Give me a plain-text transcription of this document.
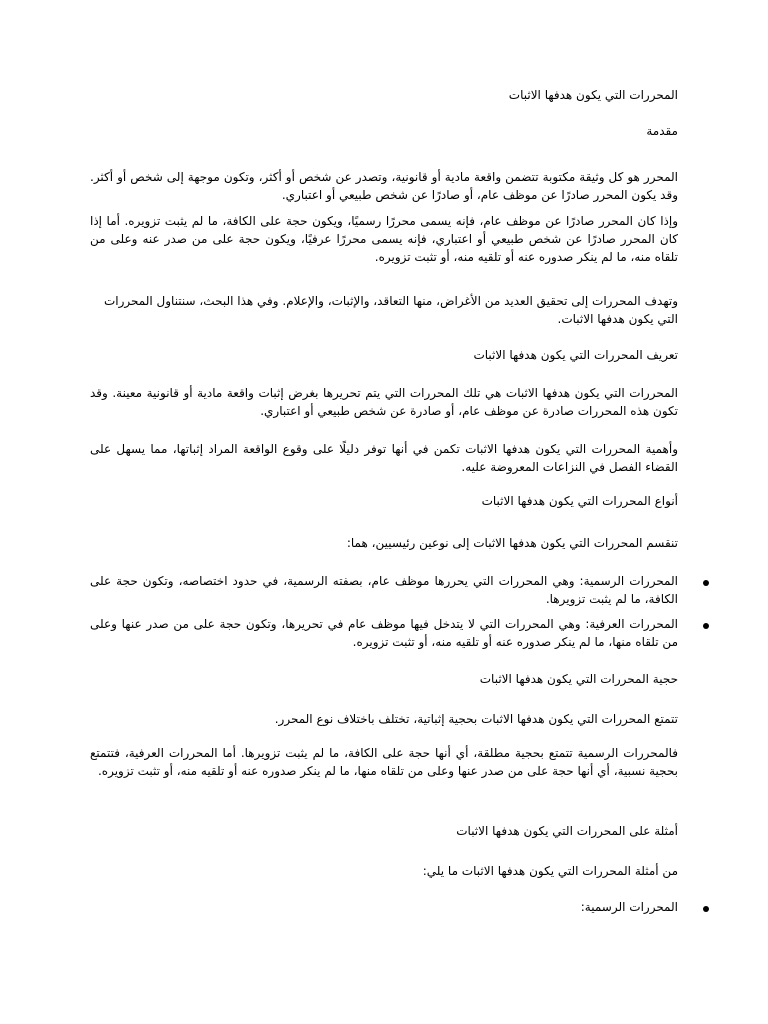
المحررات التي يكون هدفها الاثبات

مقدمة

المحرر هو كل وثيقة مكتوبة تتضمن واقعة مادية أو قانونية، وتصدر عن شخص أو أكثر، وتكون موجهة إلى شخص أو أكثر. وقد يكون المحرر صادرًا عن موظف عام، أو صادرًا عن شخص طبيعي أو اعتباري.

وإذا كان المحرر صادرًا عن موظف عام، فإنه يسمى محررًا رسميًا، ويكون حجة على الكافة، ما لم يثبت تزويره. أما إذا كان المحرر صادرًا عن شخص طبيعي أو اعتباري، فإنه يسمى محررًا عرفيًا، ويكون حجة على من صدر عنه وعلى من تلقاه منه، ما لم ينكر صدوره عنه أو تلقيه منه، أو تثبت تزويره.

وتهدف المحررات إلى تحقيق العديد من الأغراض، منها التعاقد، والإثبات، والإعلام. وفي هذا البحث، سنتناول المحررات التي يكون هدفها الاثبات.

تعريف المحررات التي يكون هدفها الاثبات

المحررات التي يكون هدفها الاثبات هي تلك المحررات التي يتم تحريرها بغرض إثبات واقعة مادية أو قانونية معينة. وقد تكون هذه المحررات صادرة عن موظف عام، أو صادرة عن شخص طبيعي أو اعتباري.

وأهمية المحررات التي يكون هدفها الاثبات تكمن في أنها توفر دليلًا على وقوع الواقعة المراد إثباتها، مما يسهل على القضاء الفصل في النزاعات المعروضة عليه.

أنواع المحررات التي يكون هدفها الاثبات

تنقسم المحررات التي يكون هدفها الاثبات إلى نوعين رئيسيين، هما:

المحررات الرسمية: وهي المحررات التي يحررها موظف عام، بصفته الرسمية، في حدود اختصاصه، وتكون حجة على الكافة، ما لم يثبت تزويرها.

المحررات العرفية: وهي المحررات التي لا يتدخل فيها موظف عام في تحريرها، وتكون حجة على من صدر عنها وعلى من تلقاه منها، ما لم ينكر صدوره عنه أو تلقيه منه، أو تثبت تزويره.

حجية المحررات التي يكون هدفها الاثبات

تتمتع المحررات التي يكون هدفها الاثبات بحجية إثباتية، تختلف باختلاف نوع المحرر.

فالمحررات الرسمية تتمتع بحجية مطلقة، أي أنها حجة على الكافة، ما لم يثبت تزويرها. أما المحررات العرفية، فتتمتع بحجية نسبية، أي أنها حجة على من صدر عنها وعلى من تلقاه منها، ما لم ينكر صدوره عنه أو تلقيه منه، أو تثبت تزويره.

أمثلة على المحررات التي يكون هدفها الاثبات

من أمثلة المحررات التي يكون هدفها الاثبات ما يلي:

المحررات الرسمية:
